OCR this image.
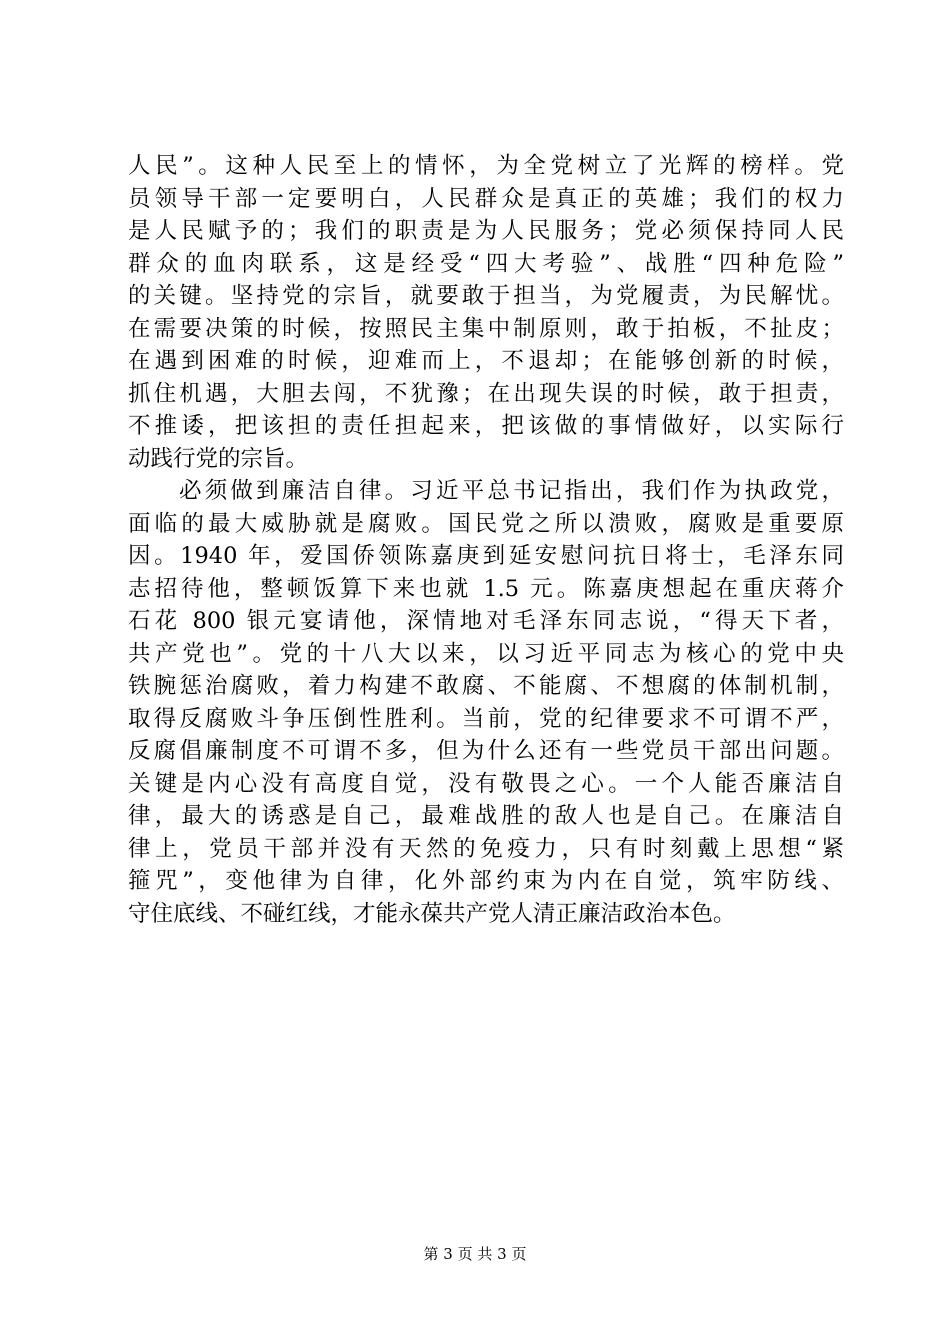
人民”。这种人民至上的情怀，为全党树立了光辉的榜样。党
员领导干部一定要明白，人民群众是真正的英雄；我们的权力
是人民赋予的；我们的职责是为人民服务；党必须保持同人民
群众的血肉联系，这是经受“四大考验”、战胜“四种危险”
的关键。坚持党的宗旨，就要敢于担当，为党履责，为民解忧。
在需要决策的时候，按照民主集中制原则，敢于拍板，不扯皮；
在遇到困难的时候，迎难而上，不退却；在能够创新的时候，
抓住机遇，大胆去闯，不犹豫；在出现失误的时候，敢于担责，
不推诿，把该担的责任担起来，把该做的事情做好，以实际行
动践行党的宗旨。
必须做到廉洁自律。习近平总书记指出，我们作为执政党，
面临的最大威胁就是腐败。国民党之所以溃败，腐败是重要原
因。1940 年，爱国侨领陈嘉庚到延安慰问抗日将士，毛泽东同
志招待他，整顿饭算下来也就 1.5 元。陈嘉庚想起在重庆蒋介
石花 800 银元宴请他，深情地对毛泽东同志说，“得天下者，
共产党也”。党的十八大以来，以习近平同志为核心的党中央
铁腕惩治腐败，着力构建不敢腐、不能腐、不想腐的体制机制，
取得反腐败斗争压倒性胜利。当前，党的纪律要求不可谓不严，
反腐倡廉制度不可谓不多，但为什么还有一些党员干部出问题。
关键是内心没有高度自觉，没有敬畏之心。一个人能否廉洁自
律，最大的诱惑是自己，最难战胜的敌人也是自己。在廉洁自
律上，党员干部并没有天然的免疫力，只有时刻戴上思想“紧
箍咒”，变他律为自律，化外部约束为内在自觉，筑牢防线、
守住底线、不碰红线，才能永葆共产党人清正廉洁政治本色。
第 3 页 共 3 页
